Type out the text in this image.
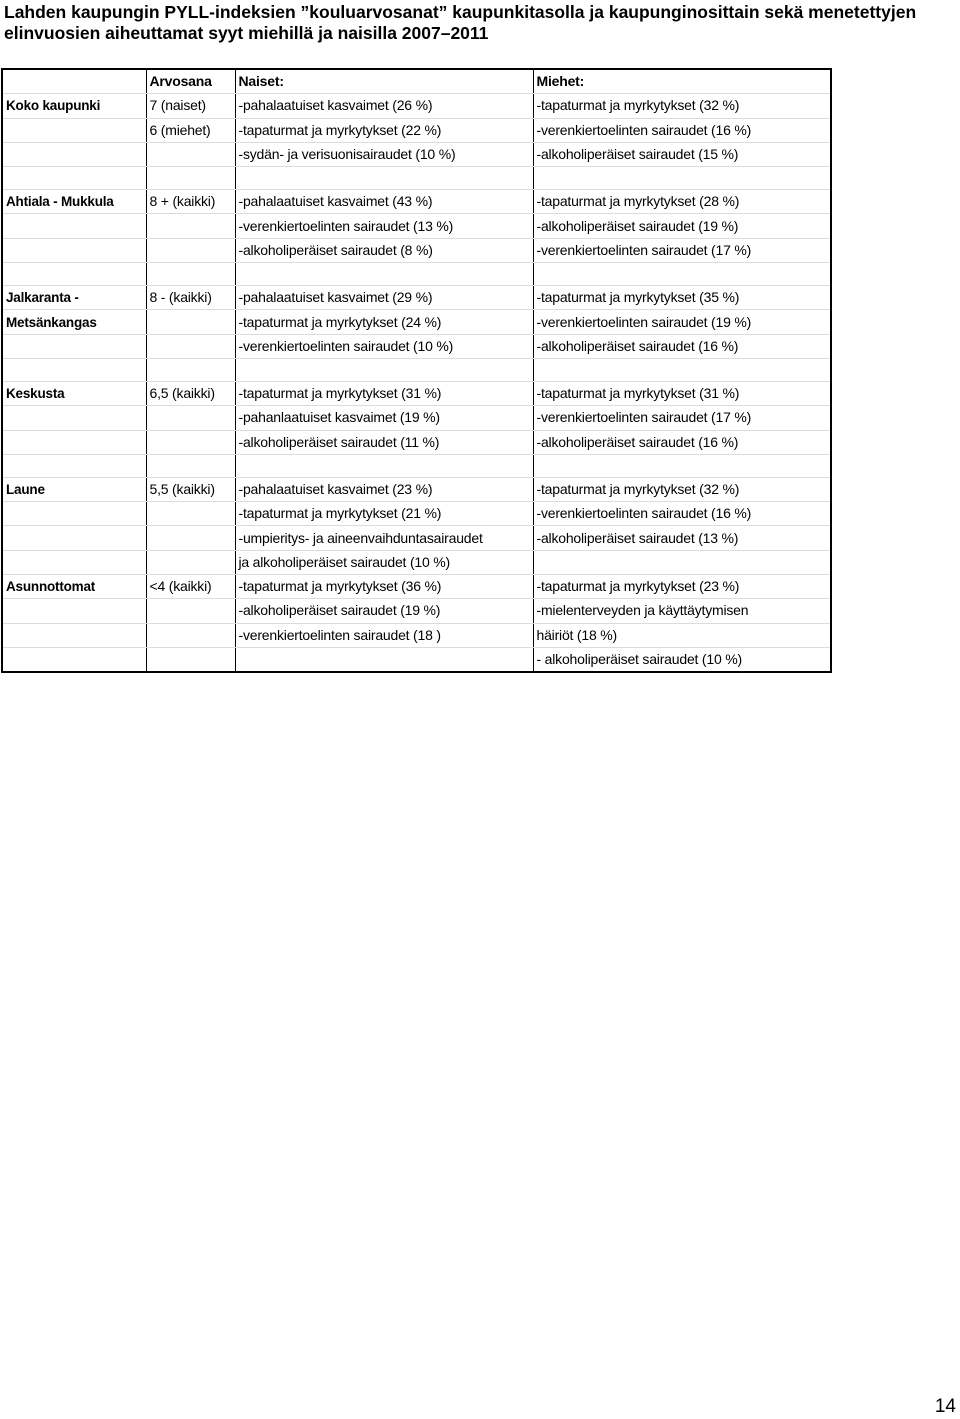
Lahden kaupungin PYLL-indeksien ”kouluarvosanat” kaupunkitasolla ja kaupunginosittain sekä menetettyjen elinvuosien aiheuttamat syyt miehillä ja naisilla 2007–2011
	Arvosana	Naiset:	Miehet:
Koko kaupunki	7 (naiset)	-pahalaatuiset kasvaimet (26 %)	-tapaturmat ja myrkytykset (32 %)
	6 (miehet)	-tapaturmat ja myrkytykset (22 %)	-verenkiertoelinten sairaudet (16 %)
		-sydän- ja verisuonisairaudet (10 %)	-alkoholiperäiset sairaudet (15 %)

Ahtiala - Mukkula	8 + (kaikki)	-pahalaatuiset kasvaimet (43 %)	-tapaturmat ja myrkytykset (28 %)
		-verenkiertoelinten sairaudet (13 %)	-alkoholiperäiset sairaudet (19 %)
		-alkoholiperäiset sairaudet (8 %)	-verenkiertoelinten sairaudet (17 %)

Jalkaranta -	8 - (kaikki)	-pahalaatuiset kasvaimet (29 %)	-tapaturmat ja myrkytykset (35 %)
Metsänkangas		-tapaturmat ja myrkytykset (24 %)	-verenkiertoelinten sairaudet (19 %)
		-verenkiertoelinten sairaudet (10 %)	-alkoholiperäiset sairaudet (16 %)

Keskusta	6,5 (kaikki)	-tapaturmat ja myrkytykset (31 %)	-tapaturmat ja myrkytykset (31 %)
		-pahanlaatuiset kasvaimet (19 %)	-verenkiertoelinten sairaudet (17 %)
		-alkoholiperäiset sairaudet (11 %)	-alkoholiperäiset sairaudet (16 %)

Laune	5,5 (kaikki)	-pahalaatuiset kasvaimet (23 %)	-tapaturmat ja myrkytykset (32 %)
		-tapaturmat ja myrkytykset (21 %)	-verenkiertoelinten sairaudet (16 %)
		-umpieritys- ja aineenvaihduntasairaudet	-alkoholiperäiset sairaudet (13 %)
		ja alkoholiperäiset sairaudet (10 %)	
Asunnottomat	<4 (kaikki)	-tapaturmat ja myrkytykset (36 %)	-tapaturmat ja myrkytykset (23 %)
		-alkoholiperäiset sairaudet (19 %)	-mielenterveyden ja käyttäytymisen
		-verenkiertoelinten sairaudet (18 )	häiriöt (18 %)
			- alkoholiperäiset sairaudet (10 %)
14
